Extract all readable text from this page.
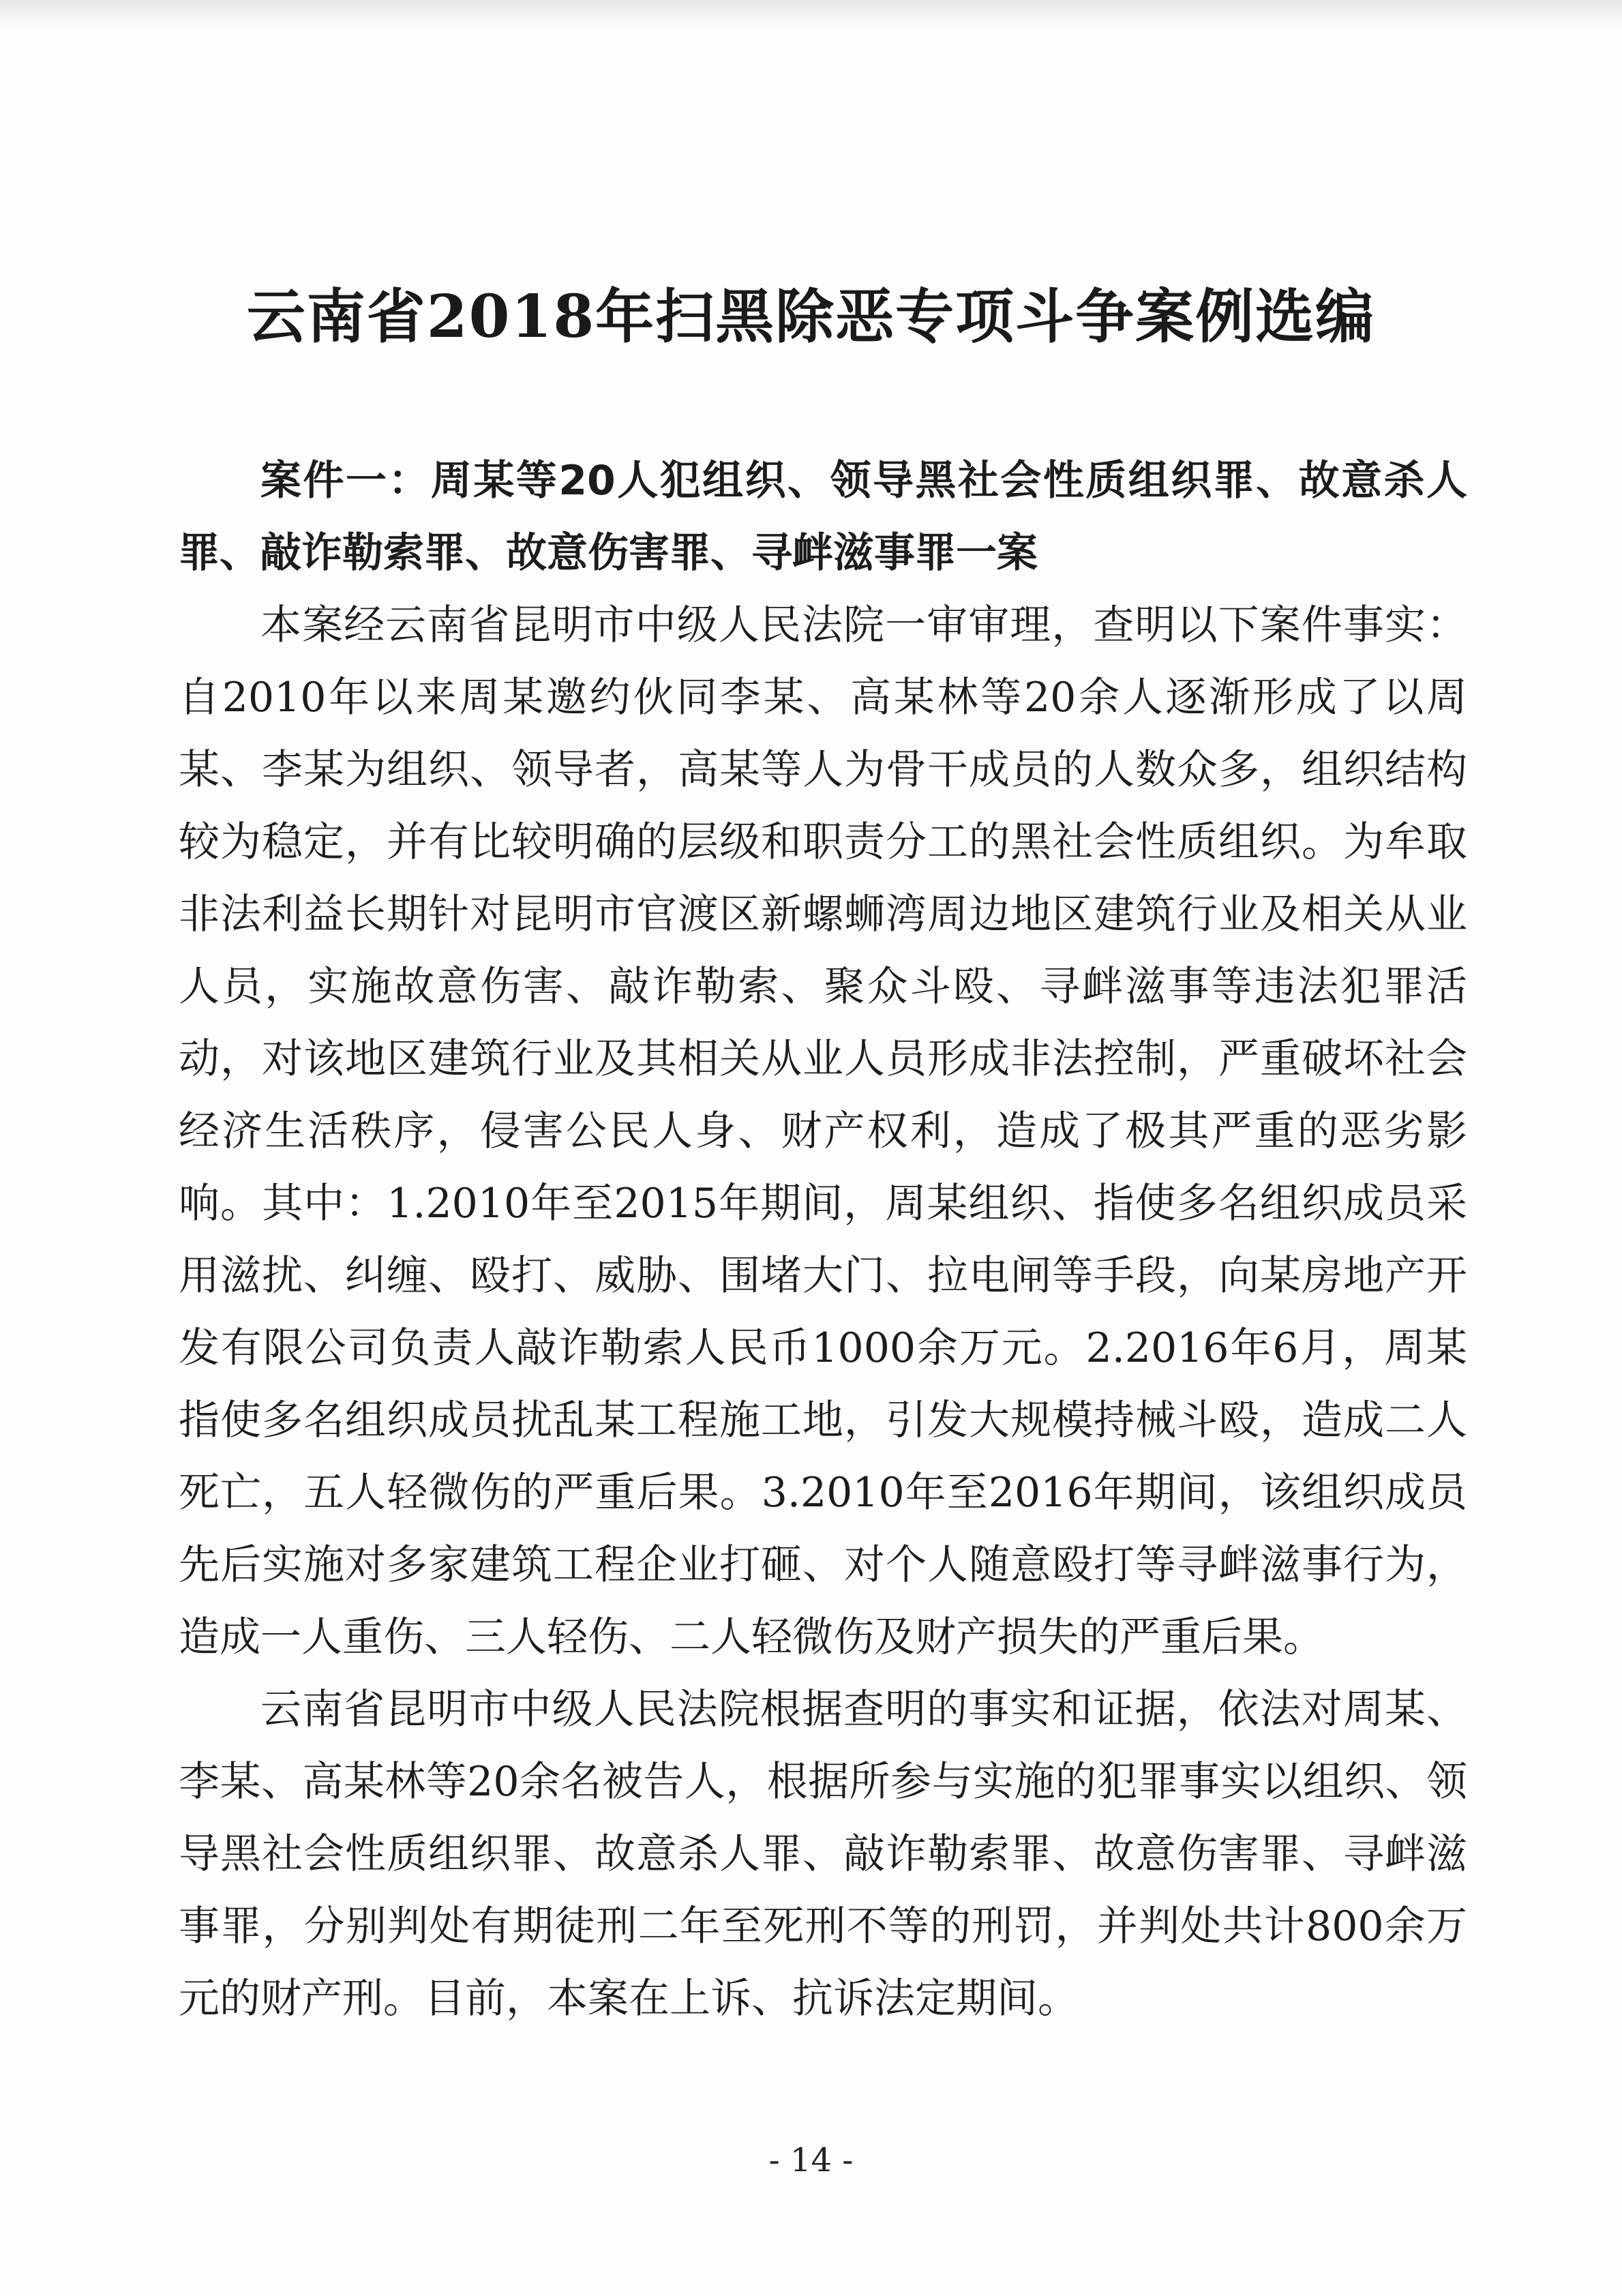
云南省2018年扫黑除恶专项斗争案例选编

案件一：周某等20人犯组织、领导黑社会性质组织罪、故意杀人罪、敲诈勒索罪、故意伤害罪、寻衅滋事罪一案

本案经云南省昆明市中级人民法院一审审理，查明以下案件事实：自2010年以来周某邀约伙同李某、高某林等20余人逐渐形成了以周某、李某为组织、领导者，高某等人为骨干成员的人数众多，组织结构较为稳定，并有比较明确的层级和职责分工的黑社会性质组织。为牟取非法利益长期针对昆明市官渡区新螺蛳湾周边地区建筑行业及相关从业人员，实施故意伤害、敲诈勒索、聚众斗殴、寻衅滋事等违法犯罪活动，对该地区建筑行业及其相关从业人员形成非法控制，严重破坏社会经济生活秩序，侵害公民人身、财产权利，造成了极其严重的恶劣影响。其中：1.2010年至2015年期间，周某组织、指使多名组织成员采用滋扰、纠缠、殴打、威胁、围堵大门、拉电闸等手段，向某房地产开发有限公司负责人敲诈勒索人民币1000余万元。2.2016年6月，周某指使多名组织成员扰乱某工程施工地，引发大规模持械斗殴，造成二人死亡，五人轻微伤的严重后果。3.2010年至2016年期间，该组织成员先后实施对多家建筑工程企业打砸、对个人随意殴打等寻衅滋事行为，造成一人重伤、三人轻伤、二人轻微伤及财产损失的严重后果。

云南省昆明市中级人民法院根据查明的事实和证据，依法对周某、李某、高某林等20余名被告人，根据所参与实施的犯罪事实以组织、领导黑社会性质组织罪、故意杀人罪、敲诈勒索罪、故意伤害罪、寻衅滋事罪，分别判处有期徒刑二年至死刑不等的刑罚，并判处共计800余万元的财产刑。目前，本案在上诉、抗诉法定期间。

- 14 -
